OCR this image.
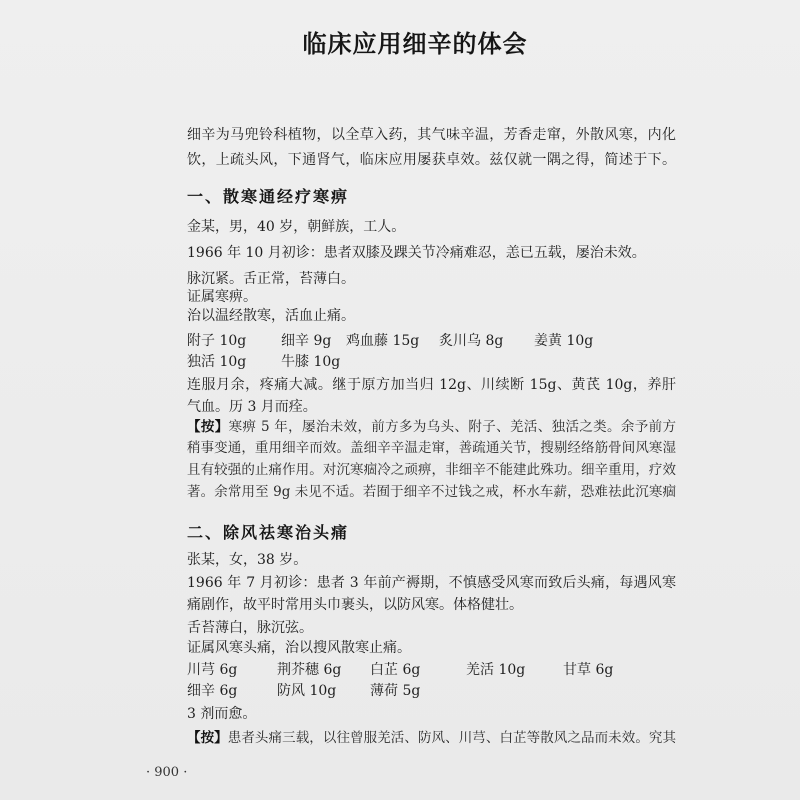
临床应用细辛的体会
细辛为马兜铃科植物，以全草入药，其气味辛温，芳香走窜，外散风寒，内化
饮，上疏头风，下通肾气，临床应用屡获卓效。兹仅就一隅之得，简述于下。
一、散寒通经疗寒痹
金某，男，40 岁，朝鲜族，工人。
1966 年 10 月初诊：患者双膝及踝关节冷痛难忍，恙已五载，屡治未效。
脉沉紧。舌正常，苔薄白。
证属寒痹。
治以温经散寒，活血止痛。
附子 10g 细辛 9g 鸡血藤 15g 炙川乌 8g 姜黄 10g
独活 10g 牛膝 10g
连服月余，疼痛大减。继于原方加当归 12g、川续断 15g、黄芪 10g，养肝
气血。历 3 月而痊。
【按】寒痹 5 年，屡治未效，前方多为乌头、附子、羌活、独活之类。余予前方
稍事变通，重用细辛而效。盖细辛辛温走窜，善疏通关节，搜剔经络筋骨间风寒湿
且有较强的止痛作用。对沉寒痼冷之顽痹，非细辛不能建此殊功。细辛重用，疗效
著。余常用至 9g 未见不适。若囿于细辛不过钱之戒，杯水车薪，恐难祛此沉寒痼
二、除风祛寒治头痛
张某，女，38 岁。
1966 年 7 月初诊：患者 3 年前产褥期，不慎感受风寒而致后头痛，每遇风寒
痛剧作，故平时常用头巾裹头，以防风寒。体格健壮。
舌苔薄白，脉沉弦。
证属风寒头痛，治以搜风散寒止痛。
川芎 6g	荆芥穗 6g 白芷 6g	羌活 10g	甘草 6g
细辛 6g	防风 10g 薄荷 5g
3 剂而愈。
【按】患者头痛三载，以往曾服羌活、防风、川芎、白芷等散风之品而未效。究其
· 900 ·
